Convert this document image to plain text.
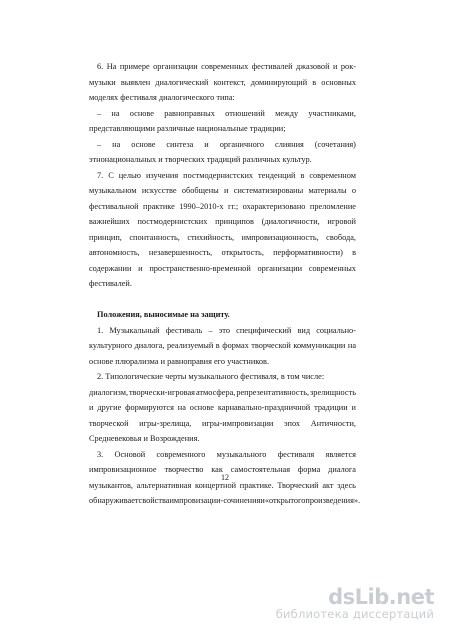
6. На примере организации современных фестивалей джазовой и рок-
музыки выявлен диалогический контекст, доминирующий в основных
моделях фестиваля диалогического типа:
– на основе равноправных отношений между участниками,
представляющими различные национальные традиции;
– на основе синтеза и органичного слияния (сочетания)
этнонациональных и творческих традиций различных культур.
7. С целью изучения постмодернистских тенденций в современном
музыкальном искусстве обобщены и систематизированы материалы о
фестивальной практике 1990–2010-х гг.; охарактеризовано преломление
важнейших постмодернистских принципов (диалогичности, игровой
принцип, спонтанность, стихийность, импровизационность, свобода,
автономность, незавершенность, открытость, перформативности) в
содержании и пространственно-временной организации современных
фестивалей.
Положения, выносимые на защиту.
1. Музыкальный фестиваль – это специфический вид социально-
культурного диалога, реализуемый в формах творческой коммуникации на
основе плюрализма и равноправия его участников.
2. Типологические черты музыкального фестиваля, в том числе:
диалогизм, творчески-игровая атмосфера, репрезентативность, зрелищность
и другие формируются на основе карнавально-праздничной традиции и
творческой игры-зрелища, игры-импровизации эпох Античности,
Средневековья и Возрождения.
3. Основой современного музыкального фестиваля является
импровизационное творчество как самостоятельная форма диалога
музыкантов, альтернативная концертной практике. Творческий акт здесь
обнаруживает свойства импровизации-сочинения и «открытого произведения».
12
dsLib.net
библиотека диссертаций
